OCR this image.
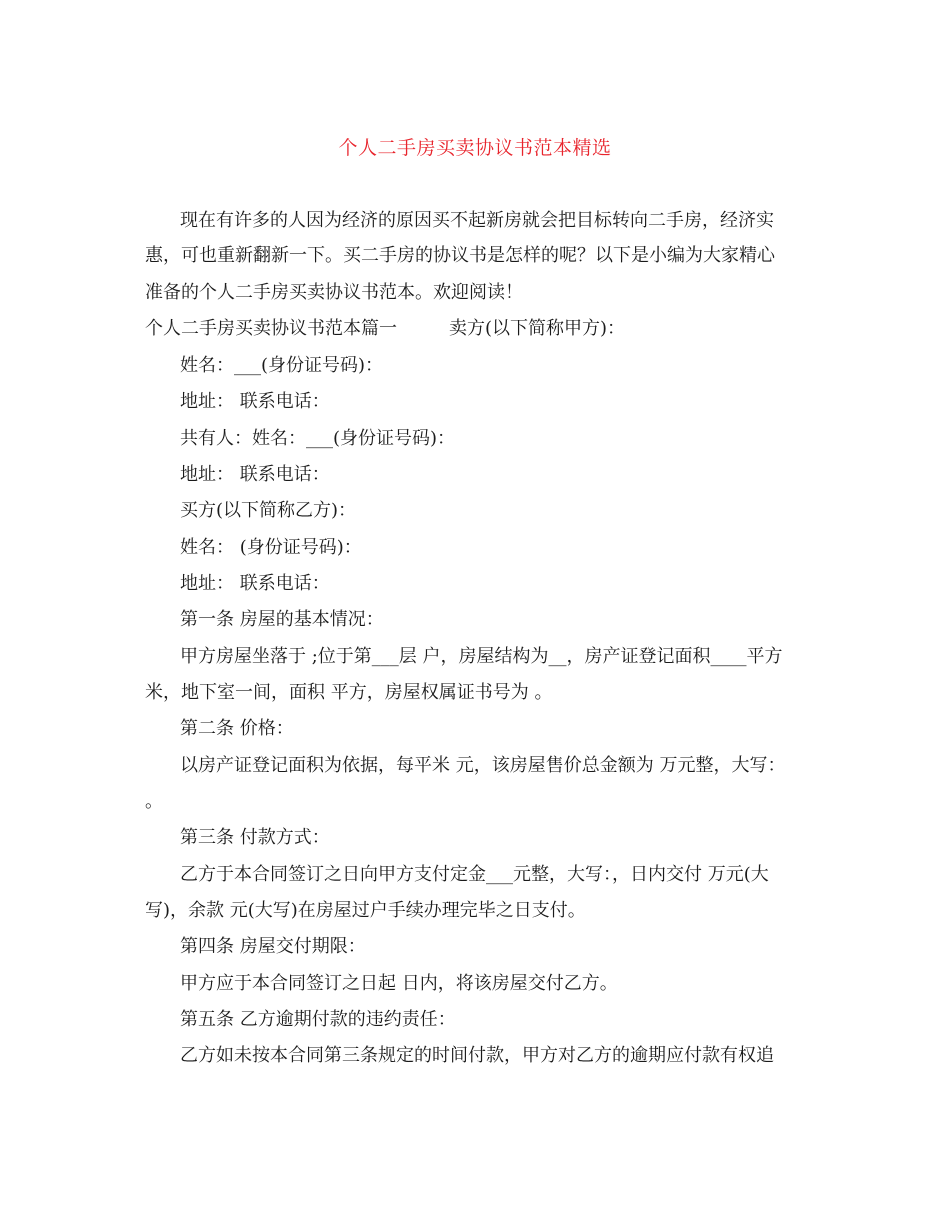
个人二手房买卖协议书范本精选
现在有许多的人因为经济的原因买不起新房就会把目标转向二手房，经济实
惠，可也重新翻新一下。买二手房的协议书是怎样的呢？以下是小编为大家精心
准备的个人二手房买卖协议书范本。欢迎阅读！
个人二手房买卖协议书范本篇一	卖方(以下简称甲方)：
姓名：___(身份证号码)：
地址： 联系电话：
共有人：姓名：___(身份证号码)：
地址： 联系电话：
买方(以下简称乙方)：
姓名： (身份证号码)：
地址： 联系电话：
第一条 房屋的基本情况：
甲方房屋坐落于 ;位于第___层 户，房屋结构为__，房产证登记面积____平方
米，地下室一间，面积 平方，房屋权属证书号为 。
第二条 价格：
以房产证登记面积为依据，每平米 元，该房屋售价总金额为 万元整，大写：
。
第三条 付款方式：
乙方于本合同签订之日向甲方支付定金___元整，大写：，日内交付 万元(大
写)，余款 元(大写)在房屋过户手续办理完毕之日支付。
第四条 房屋交付期限：
甲方应于本合同签订之日起 日内，将该房屋交付乙方。
第五条 乙方逾期付款的违约责任：
乙方如未按本合同第三条规定的时间付款，甲方对乙方的逾期应付款有权追
